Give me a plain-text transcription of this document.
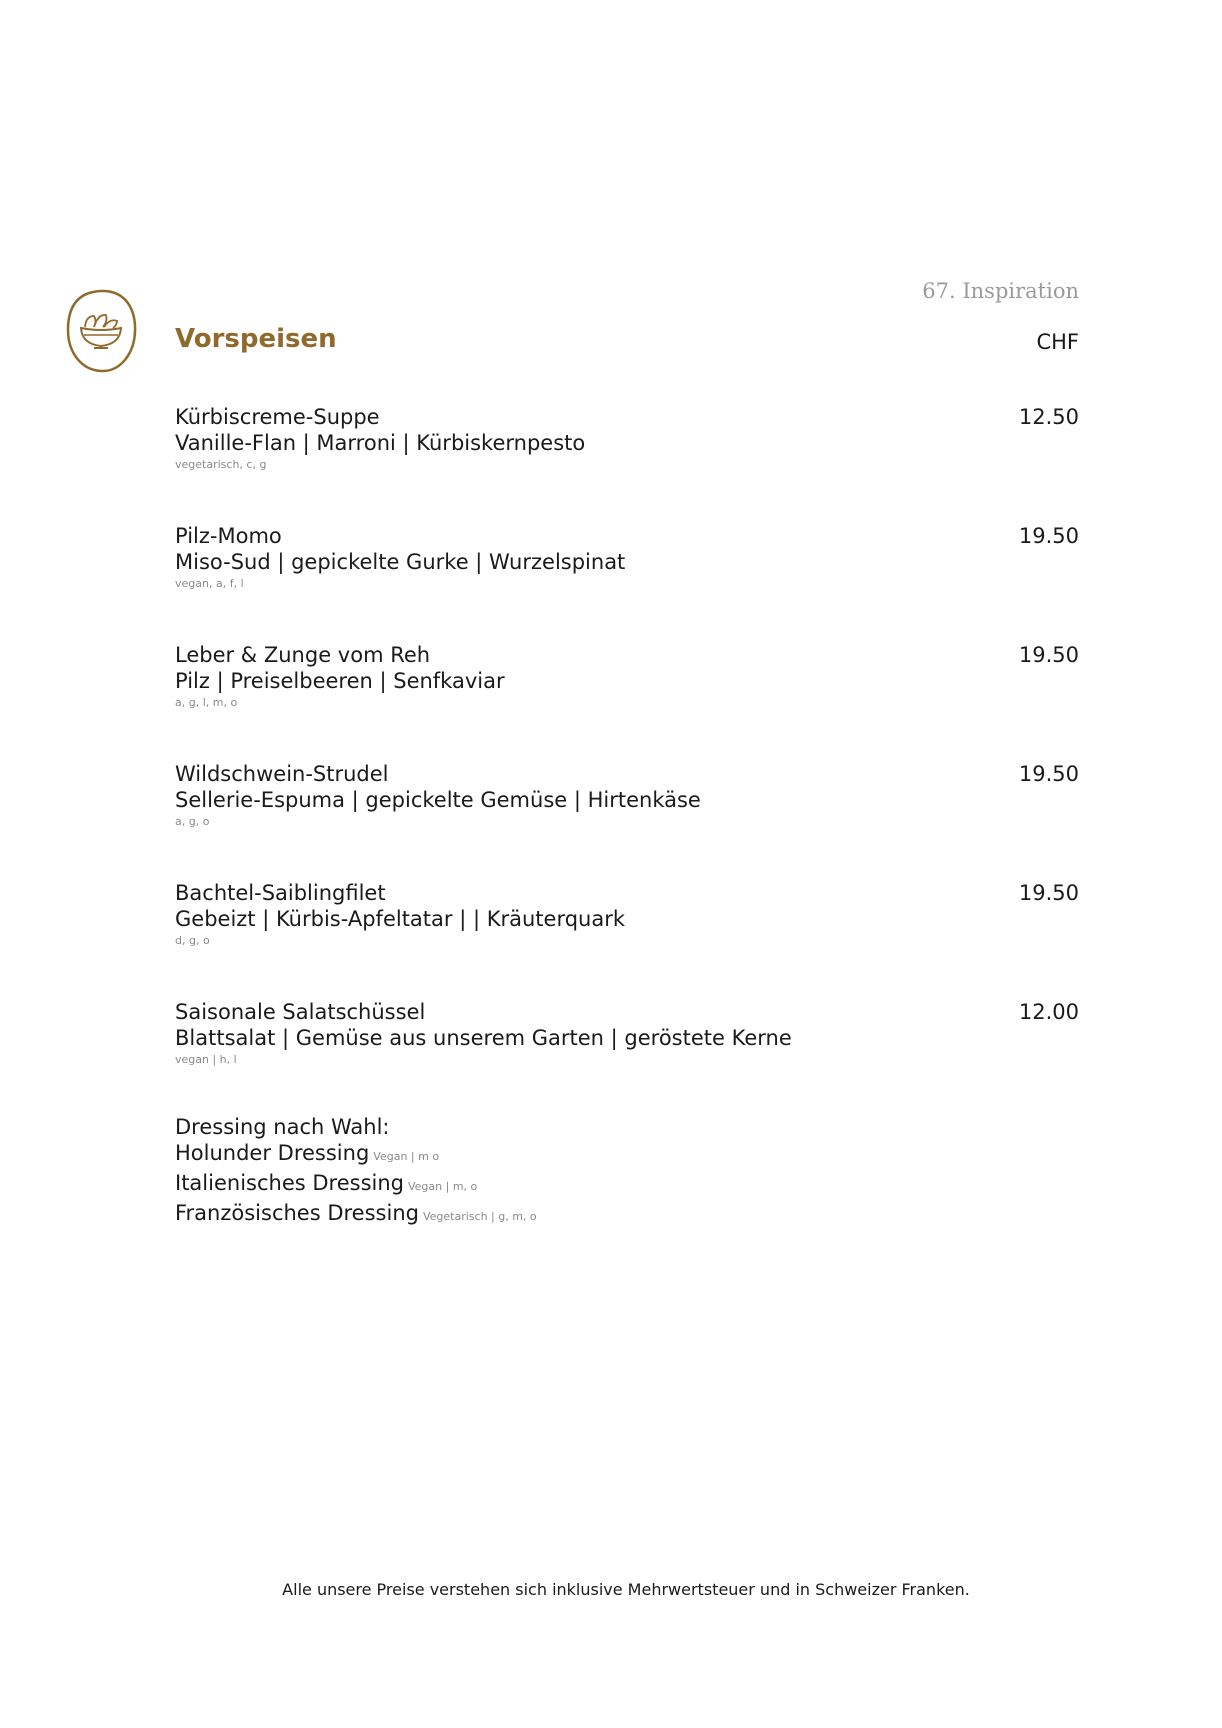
67. Inspiration
Vorspeisen	CHF
Kürbiscreme-Suppe
Vanille-Flan | Marroni | Kürbiskernpesto
vegetarisch, c, g
12.50
Pilz-Momo
Miso-Sud | gepickelte Gurke | Wurzelspinat
vegan, a, f, l
19.50
Leber & Zunge vom Reh
Pilz | Preiselbeeren | Senfkaviar
a, g, l, m, o
19.50
Wildschwein-Strudel
Sellerie-Espuma | gepickelte Gemüse | Hirtenkäse
a, g, o
19.50
Bachtel-Saiblingfilet
Gebeizt | Kürbis-Apfeltatar | | Kräuterquark
d, g, o
19.50
Saisonale Salatschüssel
Blattsalat | Gemüse aus unserem Garten | geröstete Kerne
vegan | h, l
12.00
Dressing nach Wahl:
Holunder Dressing Vegan | m o
Italienisches Dressing Vegan | m, o
Französisches Dressing Vegetarisch | g, m, o
Alle unsere Preise verstehen sich inklusive Mehrwertsteuer und in Schweizer Franken.
